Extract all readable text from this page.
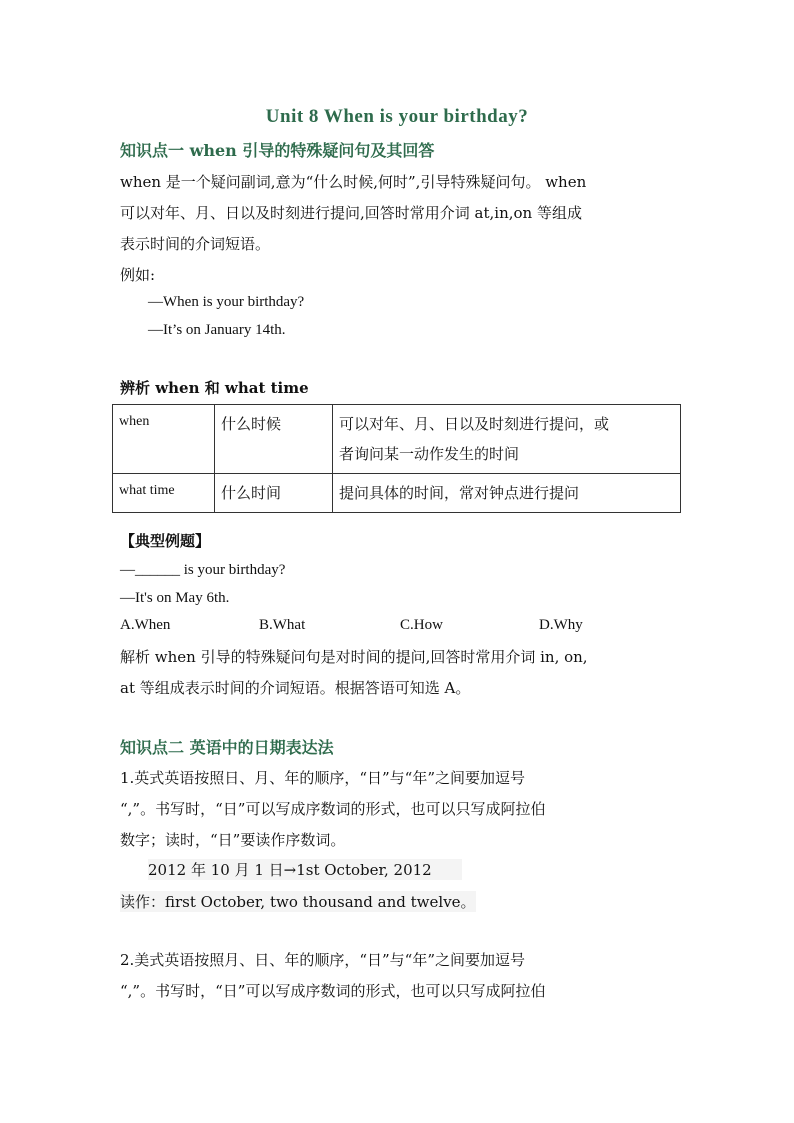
Unit 8 When is your birthday?
知识点一 when 引导的特殊疑问句及其回答
when 是一个疑问副词,意为“什么时候,何时”,引导特殊疑问句。 when
可以对年、月、日以及时刻进行提问,回答时常用介词 at,in,on 等组成
表示时间的介词短语。
例如:
—When is your birthday?
—It’s on January 14th.
辨析 when 和 what time
when	什么时候	可以对年、月、日以及时刻进行提问，或
者询问某一动作发生的时间

what time	什么时间	提问具体的时间，常对钟点进行提问
【典型例题】
—______ is your birthday?
—It's on May 6th.
A.When	B.What	C.How	D.Why
解析 when 引导的特殊疑问句是对时间的提问,回答时常用介词 in, on,
at 等组成表示时间的介词短语。根据答语可知选 A。
知识点二 英语中的日期表达法
1.英式英语按照日、月、年的顺序，“日”与“年”之间要加逗号
“,”。书写时，“日”可以写成序数词的形式，也可以只写成阿拉伯
数字；读时，“日”要读作序数词。
2012 年 10 月 1 日→1st October, 2012
读作：first October, two thousand and twelve。
2.美式英语按照月、日、年的顺序，“日”与“年”之间要加逗号
“,”。书写时，“日”可以写成序数词的形式，也可以只写成阿拉伯
